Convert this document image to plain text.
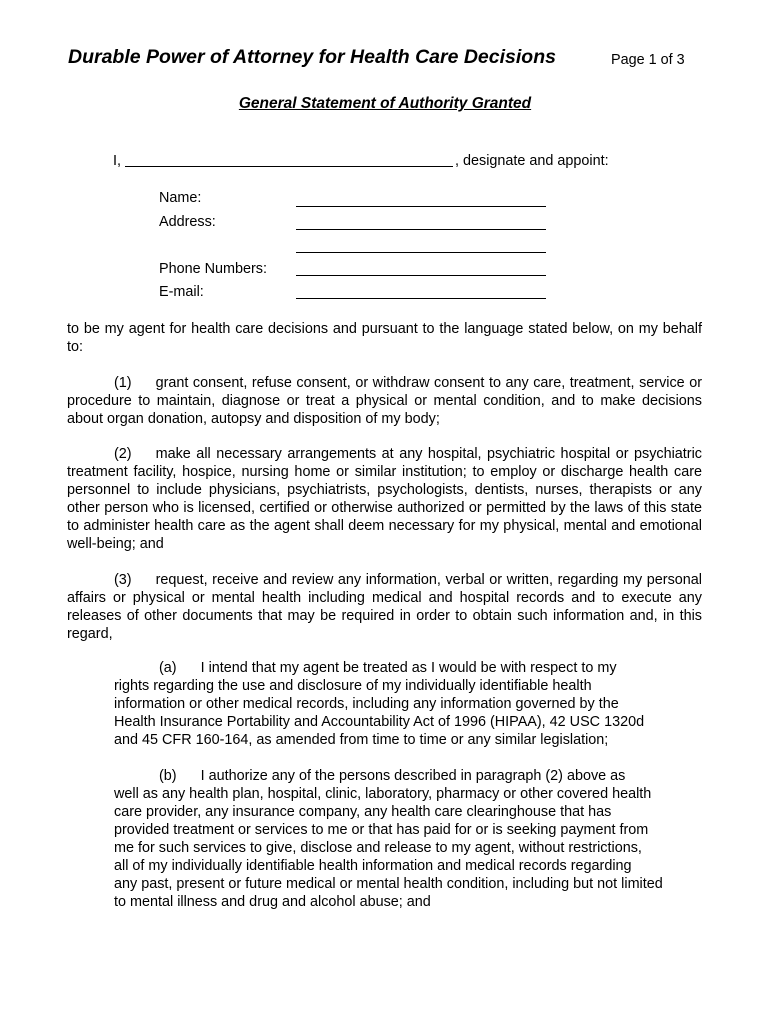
Durable Power of Attorney for Health Care Decisions	Page 1 of 3
General Statement of Authority Granted
I,	, designate and appoint:
Name:
Address:
Phone Numbers:
E-mail:

to be my agent for health care decisions and pursuant to the language stated below, on my behalf to:

(1) grant consent, refuse consent, or withdraw consent to any care, treatment, service or procedure to maintain, diagnose or treat a physical or mental condition, and to make decisions about organ donation, autopsy and disposition of my body;

(2) make all necessary arrangements at any hospital, psychiatric hospital or psychiatric treatment facility, hospice, nursing home or similar institution; to employ or discharge health care personnel to include physicians, psychiatrists, psychologists, dentists, nurses, therapists or any other person who is licensed, certified or otherwise authorized or permitted by the laws of this state to administer health care as the agent shall deem necessary for my physical, mental and emotional well-being; and

(3) request, receive and review any information, verbal or written, regarding my personal affairs or physical or mental health including medical and hospital records and to execute any releases of other documents that may be required in order to obtain such information and, in this regard,

(a) I intend that my agent be treated as I would be with respect to my
rights regarding the use and disclosure of my individually identifiable health
information or other medical records, including any information governed by the
Health Insurance Portability and Accountability Act of 1996 (HIPAA), 42 USC 1320d
and 45 CFR 160-164, as amended from time to time or any similar legislation;
(b) I authorize any of the persons described in paragraph (2) above as
well as any health plan, hospital, clinic, laboratory, pharmacy or other covered health
care provider, any insurance company, any health care clearinghouse that has
provided treatment or services to me or that has paid for or is seeking payment from
me for such services to give, disclose and release to my agent, without restrictions,
all of my individually identifiable health information and medical records regarding
any past, present or future medical or mental health condition, including but not limited
to mental illness and drug and alcohol abuse; and
